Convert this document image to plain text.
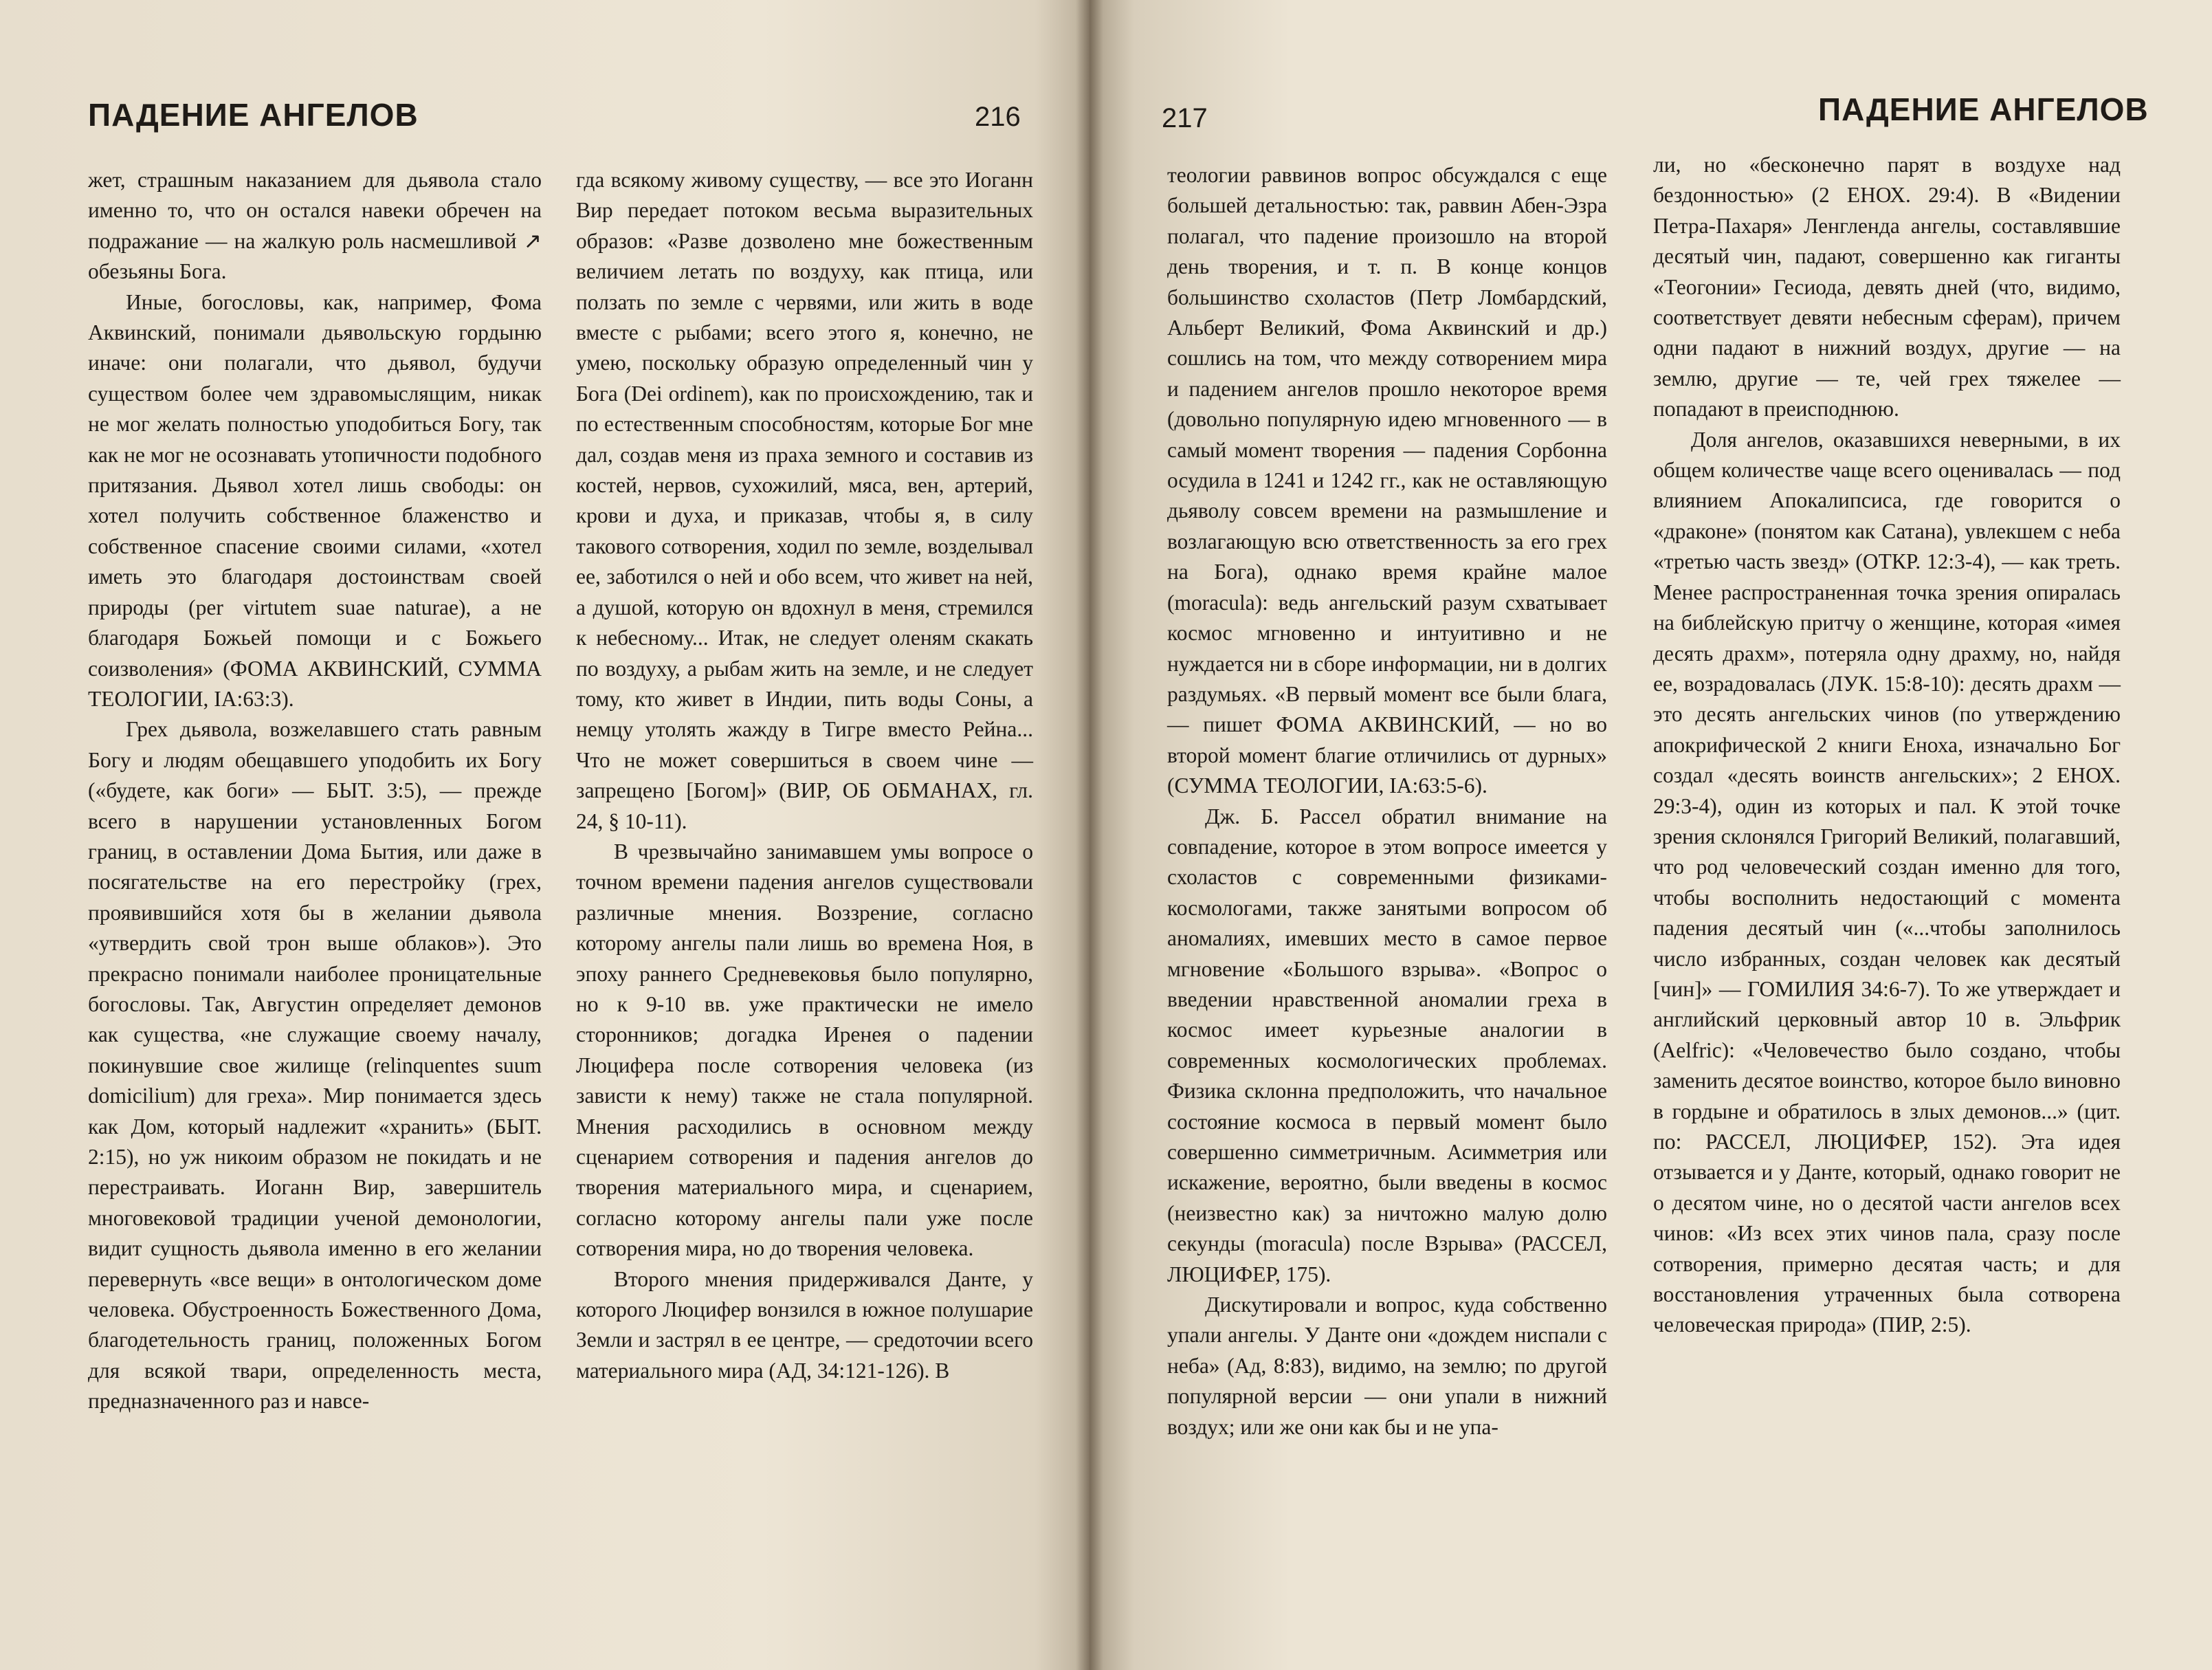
ПАДЕНИЕ АНГЕЛОВ	216

жет, страшным наказанием для дьявола стало именно то, что он остался навеки обречен на подражание — на жалкую роль насмешливой ↗ обезьяны Бога.

Иные, богословы, как, например, Фома Аквинский, понимали дьявольскую гордыню иначе: они полагали, что дьявол, будучи существом более чем здравомыслящим, никак не мог желать полностью уподобиться Богу, так как не мог не осознавать утопичности подобного притязания. Дьявол хотел лишь свободы: он хотел получить собственное блаженство и собственное спасение своими силами, «хотел иметь это благодаря достоинствам своей природы (per virtutem suae naturae), а не благодаря Божьей помощи и с Божьего соизволения» (ФОМА АКВИНСКИЙ, СУММА ТЕОЛОГИИ, IA:63:3).

Грех дьявола, возжелавшего стать равным Богу и людям обещавшего уподобить их Богу («будете, как боги» — БЫТ. 3:5), — прежде всего в нарушении установленных Богом границ, в оставлении Дома Бытия, или даже в посягательстве на его перестройку (грех, проявившийся хотя бы в желании дьявола «утвердить свой трон выше облаков»). Это прекрасно понимали наиболее проницательные богословы. Так, Августин определяет демонов как существа, «не служащие своему началу, покинувшие свое жилище (relinquentes suum domicilium) для греха». Мир понимается здесь как Дом, который надлежит «хранить» (БЫТ. 2:15), но уж никоим образом не покидать и не перестраивать. Иоганн Вир, завершитель многовековой традиции ученой демонологии, видит сущность дьявола именно в его желании перевернуть «все вещи» в онтологическом доме человека. Обустроенность Божественного Дома, благодетельность границ, положенных Богом для всякой твари, определенность места, предназначенного раз и навсе-

гда всякому живому существу, — все это Иоганн Вир передает потоком весьма выразительных образов: «Разве дозволено мне божественным величием летать по воздуху, как птица, или ползать по земле с червями, или жить в воде вместе с рыбами; всего этого я, конечно, не умею, поскольку образую определенный чин у Бога (Dei ordinem), как по происхождению, так и по естественным способностям, которые Бог мне дал, создав меня из праха земного и составив из костей, нервов, сухожилий, мяса, вен, артерий, крови и духа, и приказав, чтобы я, в силу такового сотворения, ходил по земле, возделывал ее, заботился о ней и обо всем, что живет на ней, а душой, которую он вдохнул в меня, стремился к небесному... Итак, не следует оленям скакать по воздуху, а рыбам жить на земле, и не следует тому, кто живет в Индии, пить воды Соны, а немцу утолять жажду в Тигре вместо Рейна... Что не может совершиться в своем чине — запрещено [Богом]» (ВИР, ОБ ОБМАНАХ, гл. 24, § 10-11).

В чрезвычайно занимавшем умы вопросе о точном времени падения ангелов существовали различные мнения. Воззрение, согласно которому ангелы пали лишь во времена Ноя, в эпоху раннего Средневековья было популярно, но к 9-10 вв. уже практически не имело сторонников; догадка Иренея о падении Люцифера после сотворения человека (из зависти к нему) также не стала популярной. Мнения расходились в основном между сценарием сотворения и падения ангелов до творения материального мира, и сценарием, согласно которому ангелы пали уже после сотворения мира, но до творения человека.

Второго мнения придерживался Данте, у которого Люцифер вонзился в южное полушарие Земли и застрял в ее центре, — средоточии всего материального мира (АД, 34:121-126). В

217	ПАДЕНИЕ АНГЕЛОВ

теологии раввинов вопрос обсуждался с еще большей детальностью: так, раввин Абен-Эзра полагал, что падение произошло на второй день творения, и т. п. В конце концов большинство схоластов (Петр Ломбардский, Альберт Великий, Фома Аквинский и др.) сошлись на том, что между сотворением мира и падением ангелов прошло некоторое время (довольно популярную идею мгновенного — в самый момент творения — падения Сорбонна осудила в 1241 и 1242 гг., как не оставляющую дьяволу совсем времени на размышление и возлагающую всю ответственность за его грех на Бога), однако время крайне малое (moracula): ведь ангельский разум схватывает космос мгновенно и интуитивно и не нуждается ни в сборе информации, ни в долгих раздумьях. «В первый момент все были блага, — пишет ФОМА АКВИНСКИЙ, — но во второй момент благие отличились от дурных» (СУММА ТЕОЛОГИИ, IA:63:5-6).

Дж. Б. Рассел обратил внимание на совпадение, которое в этом вопросе имеется у схоластов с современными физиками-космологами, также занятыми вопросом об аномалиях, имевших место в самое первое мгновение «Большого взрыва». «Вопрос о введении нравственной аномалии греха в космос имеет курьезные аналогии в современных космологических проблемах. Физика склонна предположить, что начальное состояние космоса в первый момент было совершенно симметричным. Асимметрия или искажение, вероятно, были введены в космос (неизвестно как) за ничтожно малую долю секунды (moracula) после Взрыва» (РАССЕЛ, ЛЮЦИФЕР, 175).

Дискутировали и вопрос, куда собственно упали ангелы. У Данте они «дождем ниспали с неба» (Ад, 8:83), видимо, на землю; по другой популярной версии — они упали в нижний воздух; или же они как бы и не упа-

ли, но «бесконечно парят в воздухе над бездонностью» (2 ЕНОХ. 29:4). В «Видении Петра-Пахаря» Ленгленда ангелы, составлявшие десятый чин, падают, совершенно как гиганты «Теогонии» Гесиода, девять дней (что, видимо, соответствует девяти небесным сферам), причем одни падают в нижний воздух, другие — на землю, другие — те, чей грех тяжелее — попадают в преисподнюю.

Доля ангелов, оказавшихся неверными, в их общем количестве чаще всего оценивалась — под влиянием Апокалипсиса, где говорится о «драконе» (понятом как Сатана), увлекшем с неба «третью часть звезд» (ОТКР. 12:3-4), — как треть. Менее распространенная точка зрения опиралась на библейскую притчу о женщине, которая «имея десять драхм», потеряла одну драхму, но, найдя ее, возрадовалась (ЛУК. 15:8-10): десять драхм — это десять ангельских чинов (по утверждению апокрифической 2 книги Еноха, изначально Бог создал «десять воинств ангельских»; 2 ЕНОХ. 29:3-4), один из которых и пал. К этой точке зрения склонялся Григорий Великий, полагавший, что род человеческий создан именно для того, чтобы восполнить недостающий с момента падения десятый чин («...чтобы заполнилось число избранных, создан человек как десятый [чин]» — ГОМИЛИЯ 34:6-7). То же утверждает и английский церковный автор 10 в. Эльфрик (Aelfric): «Человечество было создано, чтобы заменить десятое воинство, которое было виновно в гордыне и обратилось в злых демонов...» (цит. по: РАССЕЛ, ЛЮЦИФЕР, 152). Эта идея отзывается и у Данте, который, однако говорит не о десятом чине, но о десятой части ангелов всех чинов: «Из всех этих чинов пала, сразу после сотворения, примерно десятая часть; и для восстановления утраченных была сотворена человеческая природа» (ПИР, 2:5).
